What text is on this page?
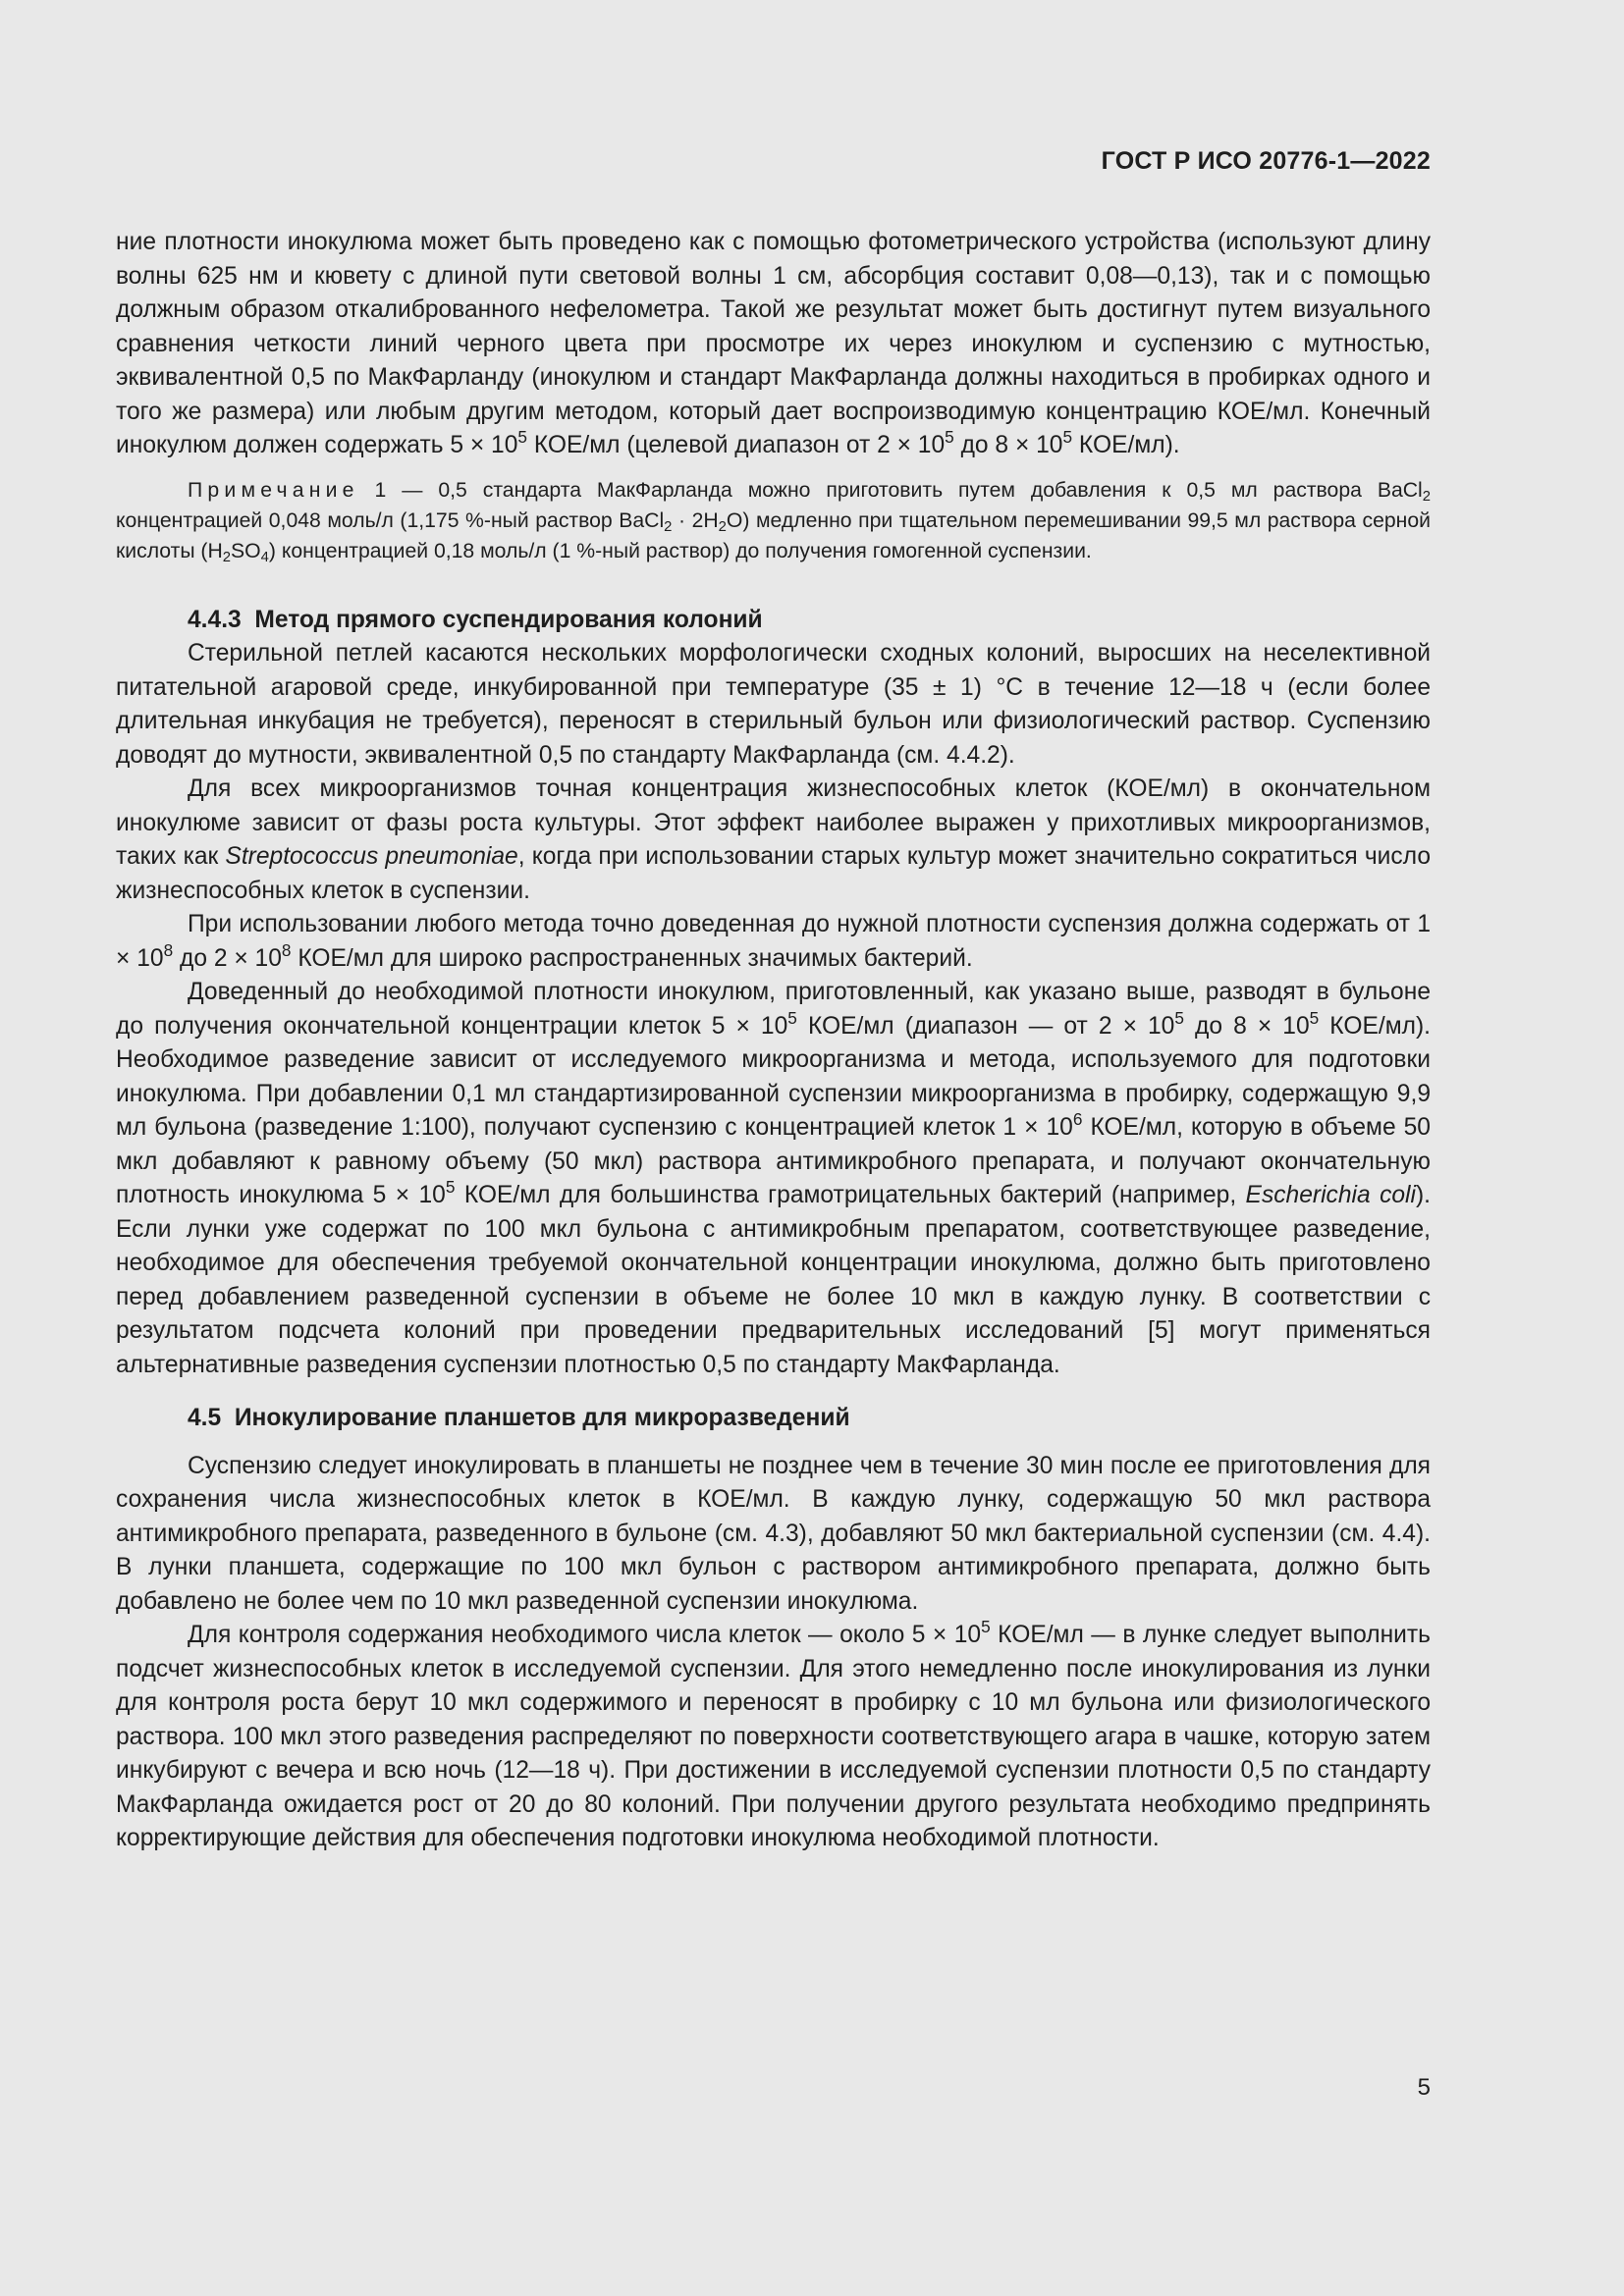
ГОСТ Р ИСО 20776-1—2022

ние плотности инокулюма может быть проведено как с помощью фотометрического устройства (используют длину волны 625 нм и кювету с длиной пути световой волны 1 см, абсорбция составит 0,08—0,13), так и с помощью должным образом откалиброванного нефелометра. Такой же результат может быть достигнут путем визуального сравнения четкости линий черного цвета при просмотре их через инокулюм и суспензию с мутностью, эквивалентной 0,5 по МакФарланду (инокулюм и стандарт МакФарланда должны находиться в пробирках одного и того же размера) или любым другим методом, который дает воспроизводимую концентрацию КОЕ/мл. Конечный инокулюм должен содержать $5 \times 10^5$ КОЕ/мл (целевой диапазон от $2 \times 10^5$ до $8 \times 10^5$ КОЕ/мл).

Примечание 1 — 0,5 стандарта МакФарланда можно приготовить путем добавления к 0,5 мл раствора BaCl$_2$ концентрацией 0,048 моль/л (1,175 %-ный раствор BaCl$_2$ · $2H_2O$) медленно при тщательном перемешивании 99,5 мл раствора серной кислоты $(H_2SO_4)$ концентрацией 0,18 моль/л (1 %-ный раствор) до получения гомогенной суспензии.

4.4.3 Метод прямого суспендирования колоний

Стерильной петлей касаются нескольких морфологически сходных колоний, выросших на неселективной питательной агаровой среде, инкубированной при температуре (35 ± 1) °С в течение 12—18 ч (если более длительная инкубация не требуется), переносят в стерильный бульон или физиологический раствор. Суспензию доводят до мутности, эквивалентной 0,5 по стандарту МакФарланда (см. 4.4.2).

Для всех микроорганизмов точная концентрация жизнеспособных клеток (КОЕ/мл) в окончательном инокулюме зависит от фазы роста культуры. Этот эффект наиболее выражен у прихотливых микроорганизмов, таких как Streptococcus pneumoniae, когда при использовании старых культур может значительно сократиться число жизнеспособных клеток в суспензии.

При использовании любого метода точно доведенная до нужной плотности суспензия должна содержать от $1 \times 10^8$ до $2 \times 10^8$ КОЕ/мл для широко распространенных значимых бактерий.

Доведенный до необходимой плотности инокулюм, приготовленный, как указано выше, разводят в бульоне до получения окончательной концентрации клеток $5 \times 10^5$ КОЕ/мл (диапазон — от $2 \times 10^5$ до $8 \times 10^5$ КОЕ/мл). Необходимое разведение зависит от исследуемого микроорганизма и метода, используемого для подготовки инокулюма. При добавлении 0,1 мл стандартизированной суспензии микроорганизма в пробирку, содержащую 9,9 мл бульона (разведение 1:100), получают суспензию с концентрацией клеток $1 \times 10^6$ КОЕ/мл, которую в объеме 50 мкл добавляют к равному объему (50 мкл) раствора антимикробного препарата, и получают окончательную плотность инокулюма $5 \times 10^5$ КОЕ/мл для большинства грамотрицательных бактерий (например, Escherichia coli). Если лунки уже содержат по 100 мкл бульона с антимикробным препаратом, соответствующее разведение, необходимое для обеспечения требуемой окончательной концентрации инокулюма, должно быть приготовлено перед добавлением разведенной суспензии в объеме не более 10 мкл в каждую лунку. В соответствии с результатом подсчета колоний при проведении предварительных исследований [5] могут применяться альтернативные разведения суспензии плотностью 0,5 по стандарту МакФарланда.

4.5 Инокулирование планшетов для микроразведений

Суспензию следует инокулировать в планшеты не позднее чем в течение 30 мин после ее приготовления для сохранения числа жизнеспособных клеток в КОЕ/мл. В каждую лунку, содержащую 50 мкл раствора антимикробного препарата, разведенного в бульоне (см. 4.3), добавляют 50 мкл бактериальной суспензии (см. 4.4). В лунки планшета, содержащие по 100 мкл бульон с раствором антимикробного препарата, должно быть добавлено не более чем по 10 мкл разведенной суспензии инокулюма.

Для контроля содержания необходимого числа клеток — около $5 \times 10^5$ КОЕ/мл — в лунке следует выполнить подсчет жизнеспособных клеток в исследуемой суспензии. Для этого немедленно после инокулирования из лунки для контроля роста берут 10 мкл содержимого и переносят в пробирку с 10 мл бульона или физиологического раствора. 100 мкл этого разведения распределяют по поверхности соответствующего агара в чашке, которую затем инкубируют с вечера и всю ночь (12—18 ч). При достижении в исследуемой суспензии плотности 0,5 по стандарту МакФарланда ожидается рост от 20 до 80 колоний. При получении другого результата необходимо предпринять корректирующие действия для обеспечения подготовки инокулюма необходимой плотности.

5
